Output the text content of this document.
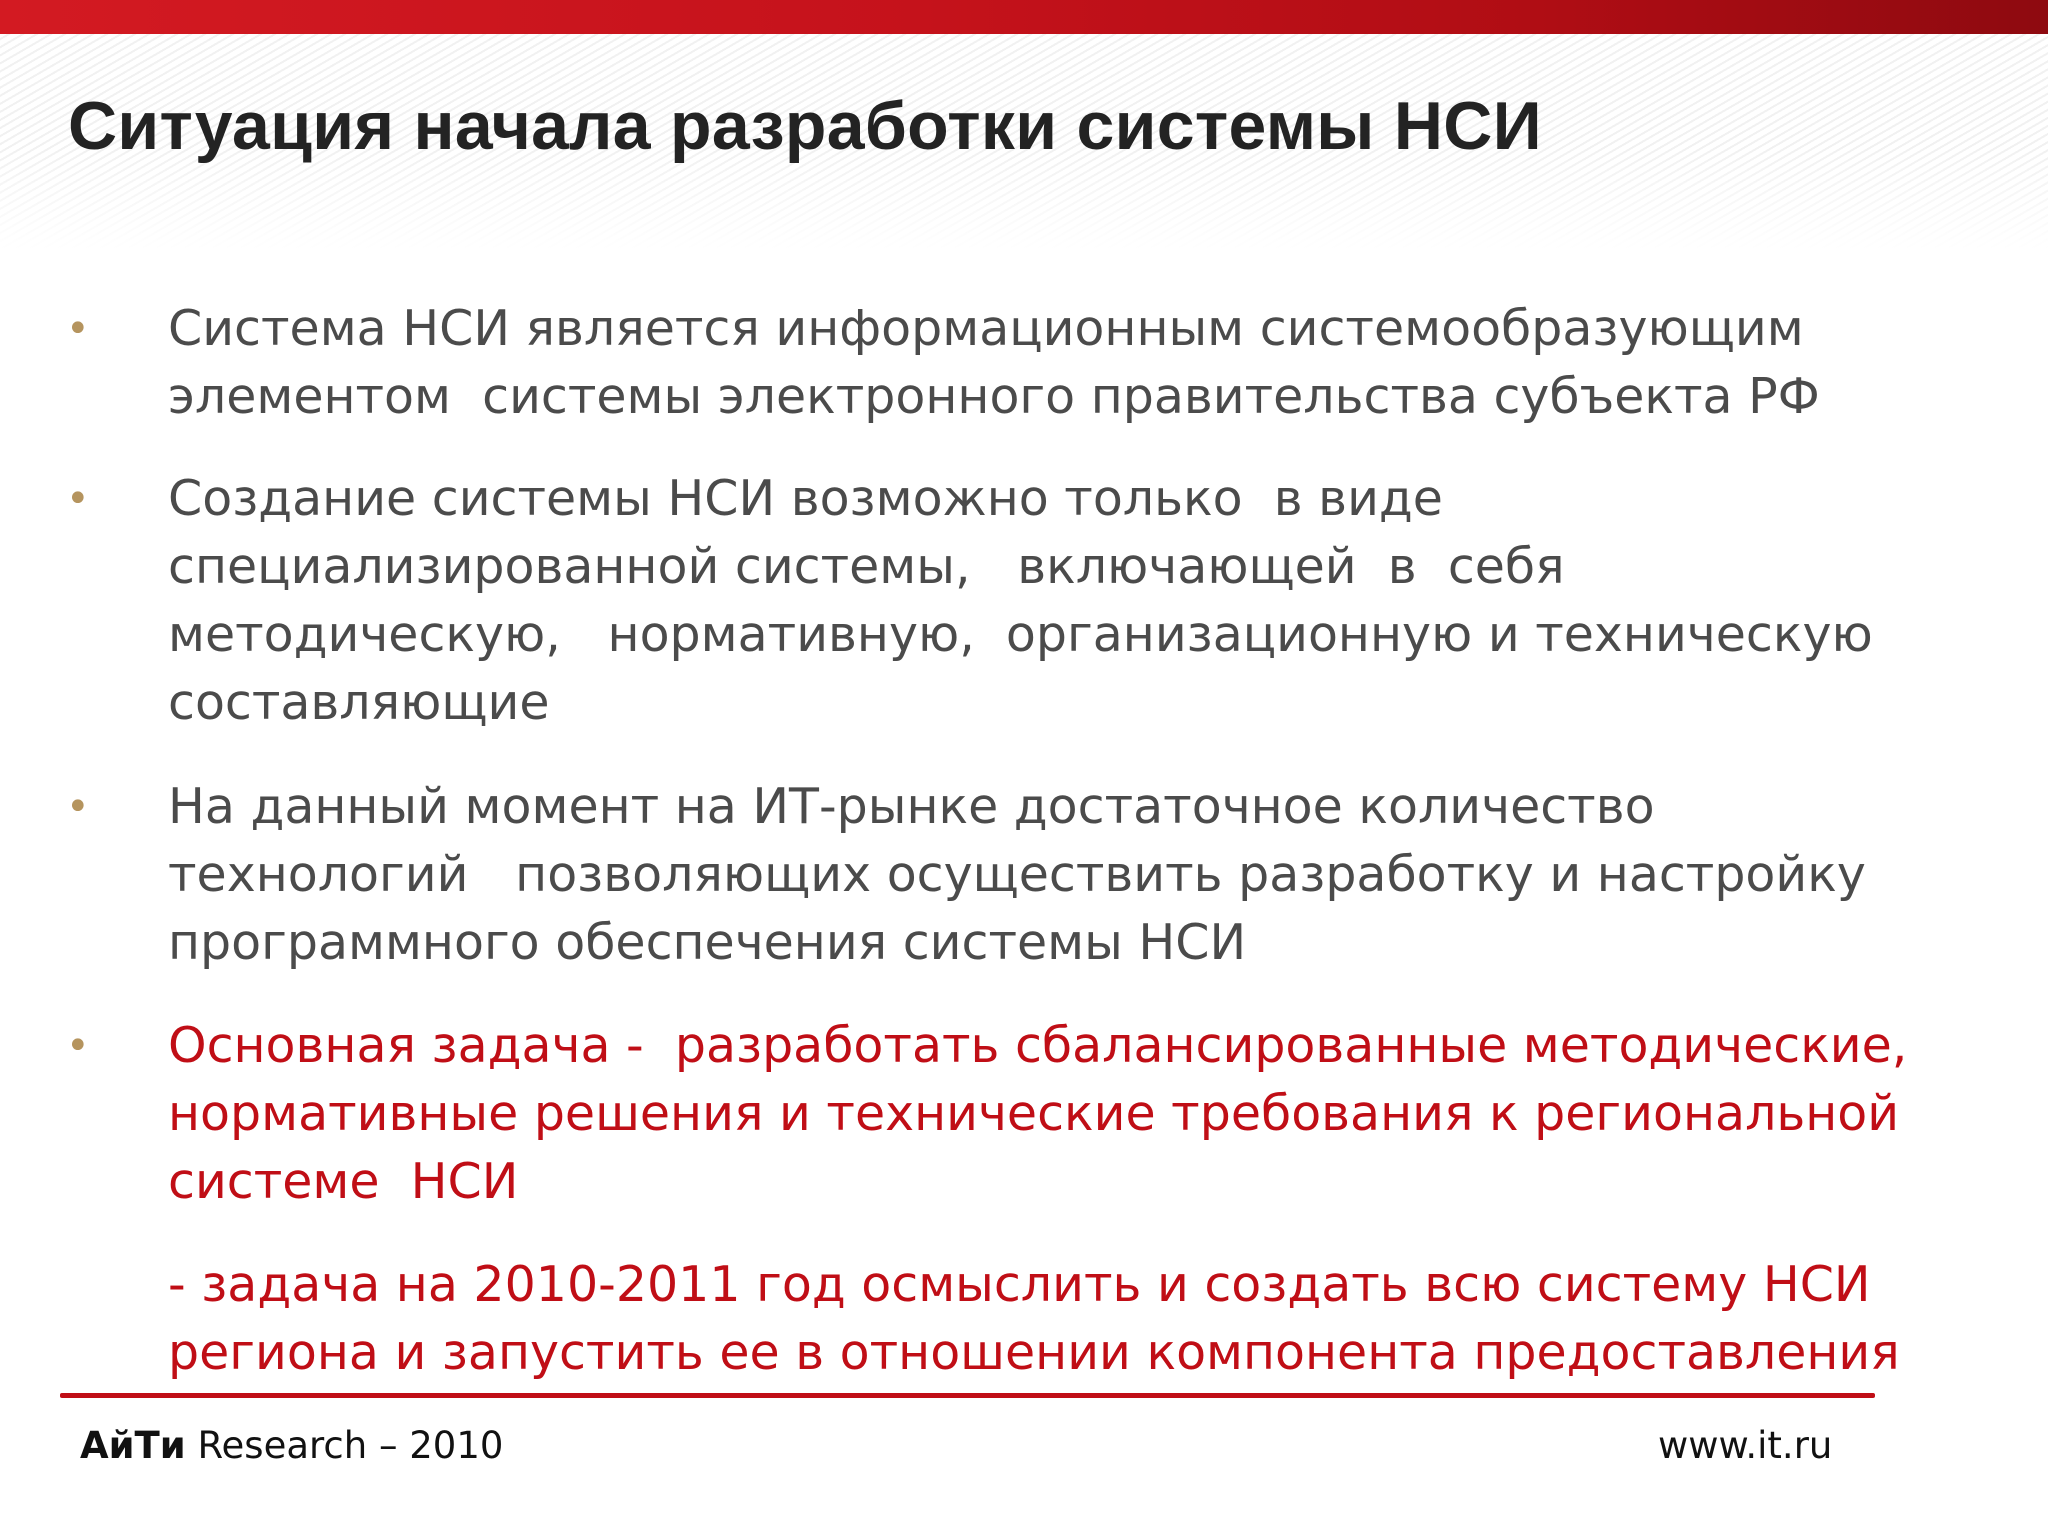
Ситуация начала разработки системы НСИ
• Система НСИ является информационным системообразующим
элементом  системы электронного правительства субъекта РФ

• Создание системы НСИ возможно только  в виде
специализированной системы,   включающей  в  себя
методическую,   нормативную,  организационную и техническую
составляющие

• На данный момент на ИТ-рынке достаточное количество
технологий   позволяющих осуществить разработку и настройку
программного обеспечения системы НСИ

• Основная задача -  разработать сбалансированные методические,
нормативные решения и технические требования к региональной
системе  НСИ

- задача на 2010-2011 год осмыслить и создать всю систему НСИ
региона и запустить ее в отношении компонента предоставления

АйТи Research – 2010	www.it.ru
